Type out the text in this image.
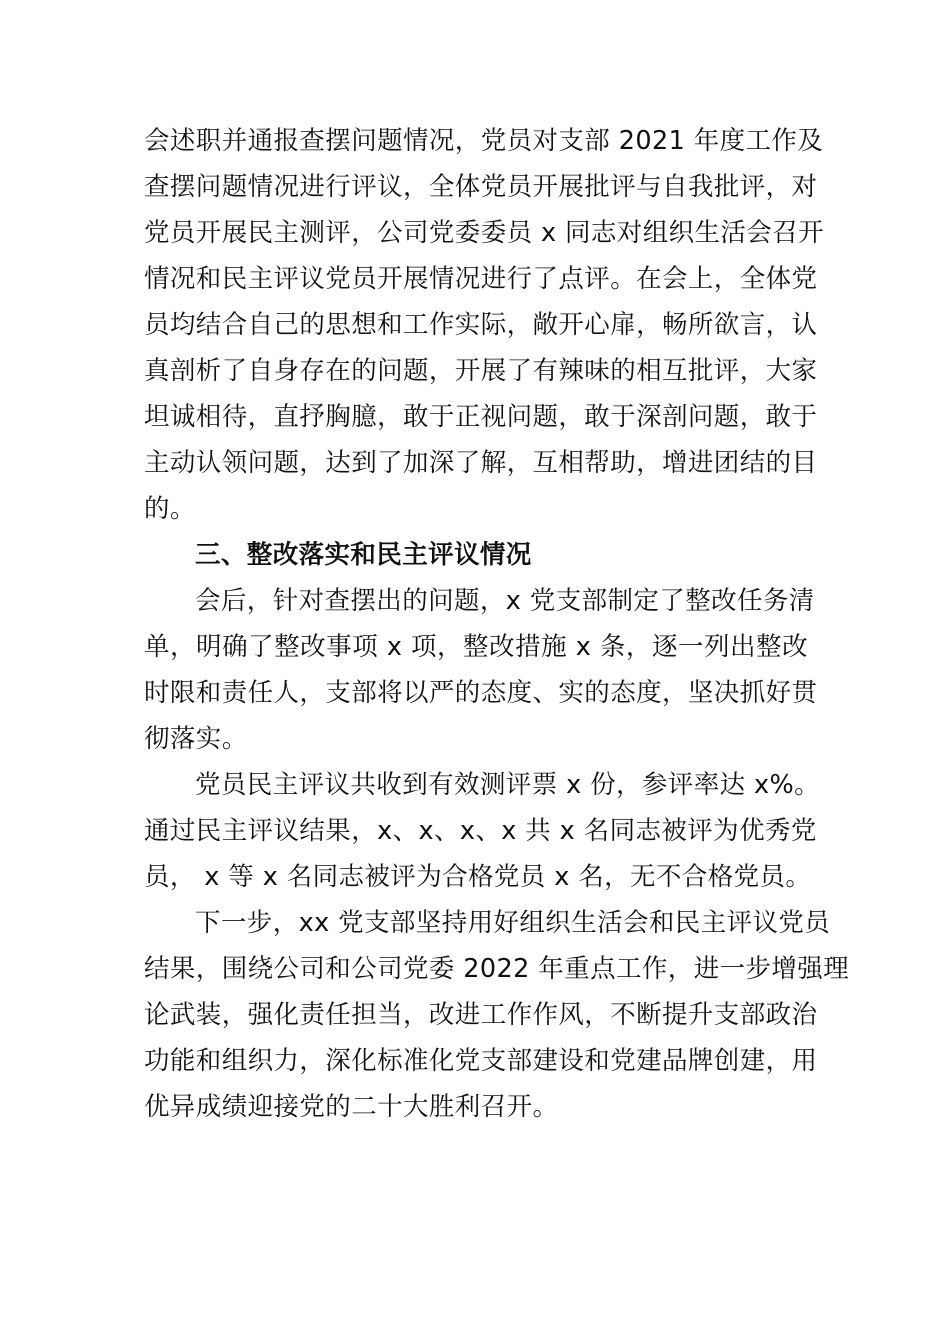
会述职并通报查摆问题情况，党员对支部 2021 年度工作及
查摆问题情况进行评议，全体党员开展批评与自我批评，对
党员开展民主测评，公司党委委员 x 同志对组织生活会召开
情况和民主评议党员开展情况进行了点评。在会上，全体党
员均结合自己的思想和工作实际，敞开心扉，畅所欲言，认
真剖析了自身存在的问题，开展了有辣味的相互批评，大家
坦诚相待，直抒胸臆，敢于正视问题，敢于深剖问题，敢于
主动认领问题，达到了加深了解，互相帮助，增进团结的目
的。
三、整改落实和民主评议情况
会后，针对查摆出的问题，x 党支部制定了整改任务清
单，明确了整改事项 x 项，整改措施 x 条，逐一列出整改
时限和责任人，支部将以严的态度、实的态度，坚决抓好贯
彻落实。
党员民主评议共收到有效测评票 x 份，参评率达 x%。
通过民主评议结果，x、x、x、x 共 x 名同志被评为优秀党
员， x 等 x 名同志被评为合格党员 x 名，无不合格党员。
下一步，xx 党支部坚持用好组织生活会和民主评议党员
结果，围绕公司和公司党委 2022 年重点工作，进一步增强理
论武装，强化责任担当，改进工作作风，不断提升支部政治
功能和组织力，深化标准化党支部建设和党建品牌创建，用
优异成绩迎接党的二十大胜利召开。
